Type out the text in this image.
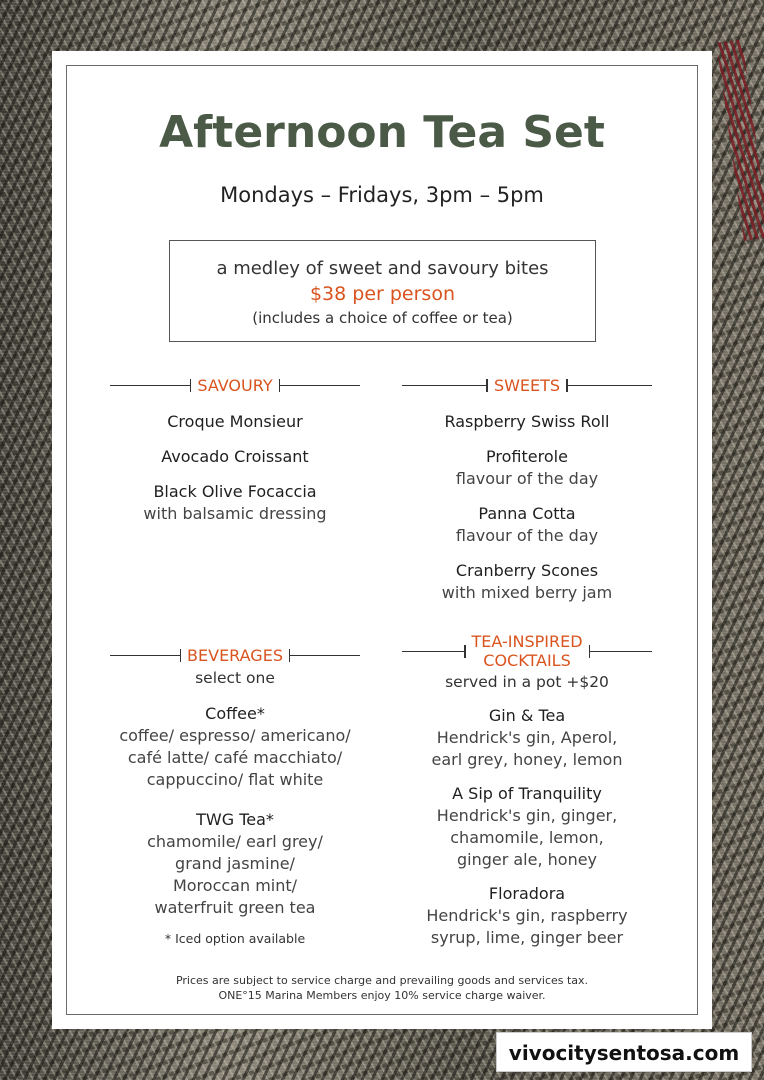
Afternoon Tea Set
Mondays – Fridays, 3pm – 5pm
a medley of sweet and savoury bites
$38 per person
(includes a choice of coffee or tea)
SAVOURY
Croque Monsieur
Avocado Croissant
Black Olive Focaccia
with balsamic dressing
SWEETS
Raspberry Swiss Roll
Profiterole
flavour of the day
Panna Cotta
flavour of the day
Cranberry Scones
with mixed berry jam
BEVERAGES
select one
Coffee*
coffee/ espresso/ americano/
café latte/ café macchiato/
cappuccino/ flat white
TWG Tea*
chamomile/ earl grey/
grand jasmine/
Moroccan mint/
waterfruit green tea
* Iced option available
TEA-INSPIRED
COCKTAILS
served in a pot +$20
Gin & Tea
Hendrick's gin, Aperol,
earl grey, honey, lemon
A Sip of Tranquility
Hendrick's gin, ginger,
chamomile, lemon,
ginger ale, honey
Floradora
Hendrick's gin, raspberry
syrup, lime, ginger beer
Prices are subject to service charge and prevailing goods and services tax.
ONE°15 Marina Members enjoy 10% service charge waiver.
vivocitysentosa.com
